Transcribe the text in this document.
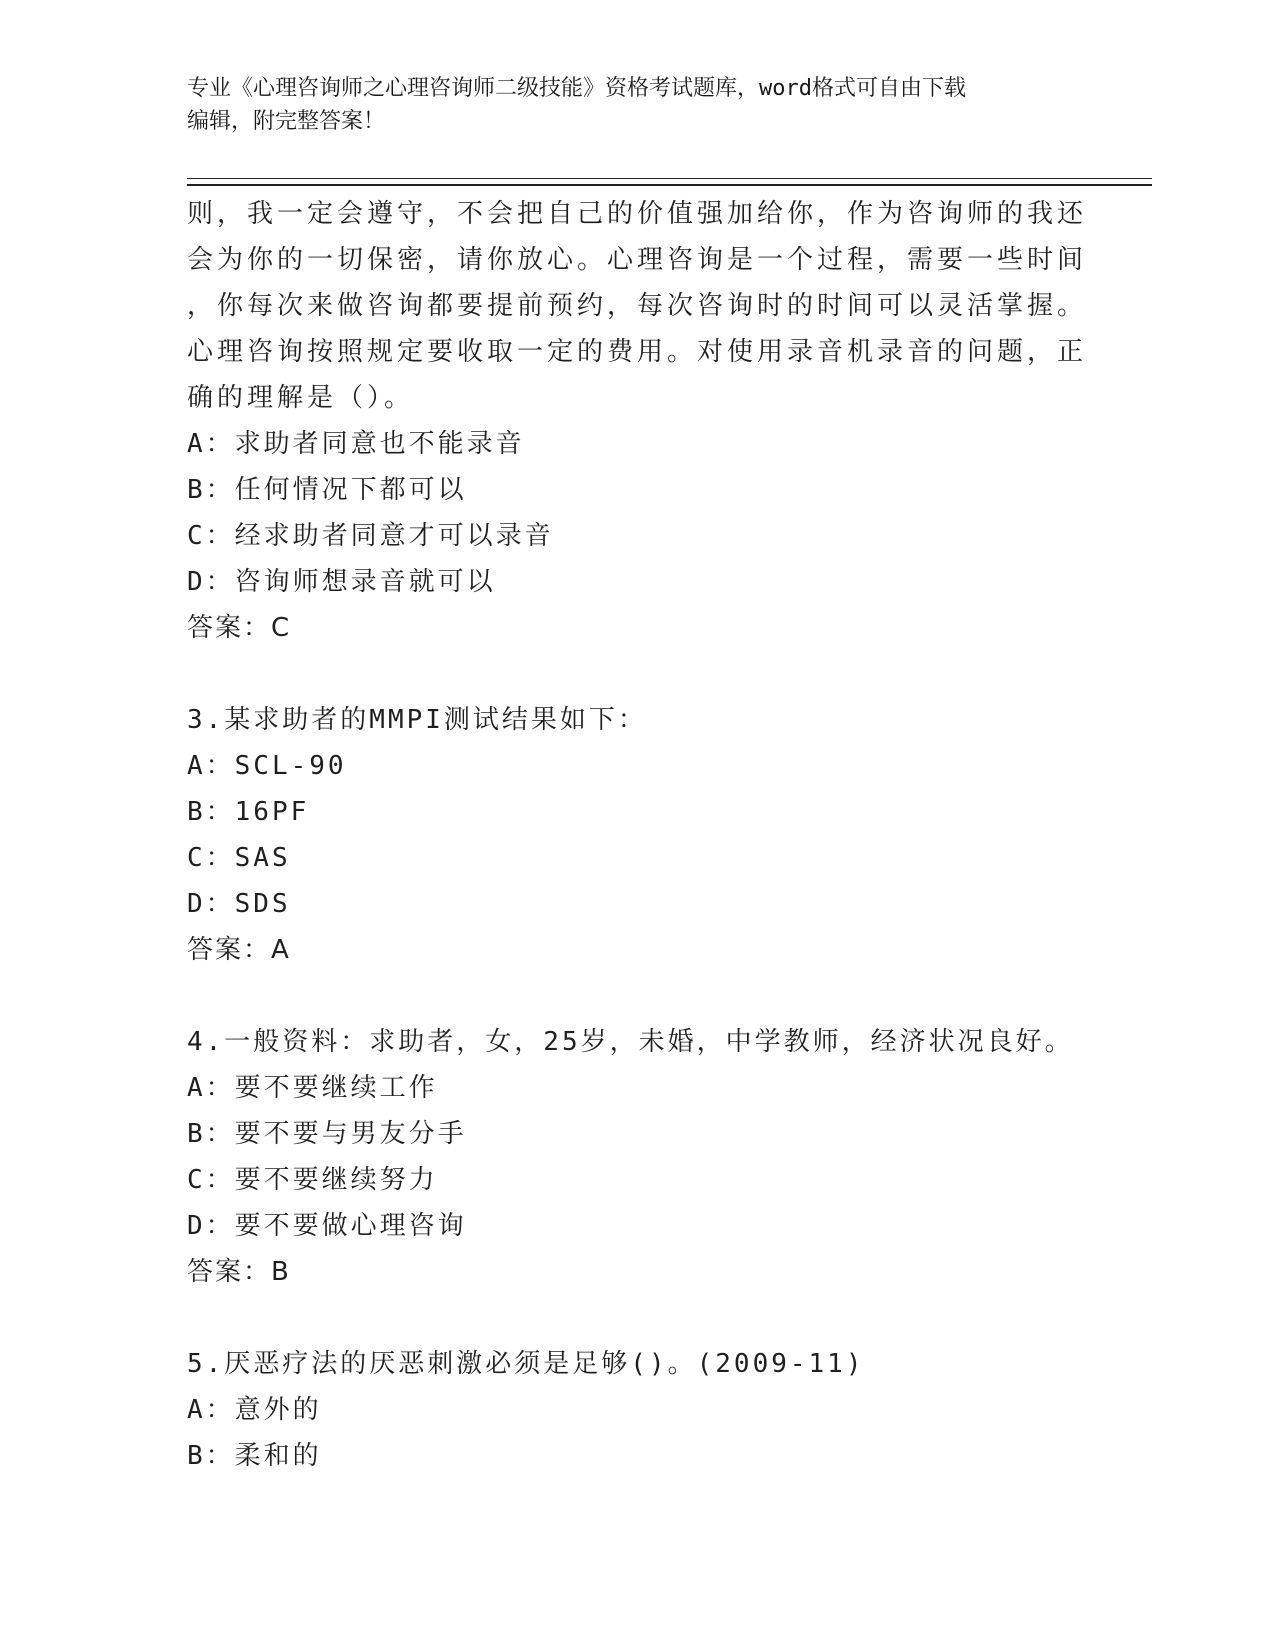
专业《心理咨询师之心理咨询师二级技能》资格考试题库，word格式可自由下载
编辑，附完整答案！
则，我一定会遵守，不会把自己的价值强加给你，作为咨询师的我还
会为你的一切保密，请你放心。心理咨询是一个过程，需要一些时间
，你每次来做咨询都要提前预约，每次咨询时的时间可以灵活掌握。
心理咨询按照规定要收取一定的费用。对使用录音机录音的问题，正
确的理解是（）。
A：求助者同意也不能录音
B：任何情况下都可以
C：经求助者同意才可以录音
D：咨询师想录音就可以
答案：C
3.某求助者的MMPI测试结果如下：
A：SCL-90
B：16PF
C：SAS
D：SDS
答案：A
4.一般资料：求助者，女，25岁，未婚，中学教师，经济状况良好。
A：要不要继续工作
B：要不要与男友分手
C：要不要继续努力
D：要不要做心理咨询
答案：B
5.厌恶疗法的厌恶刺激必须是足够()。(2009-11)
A：意外的
B：柔和的
